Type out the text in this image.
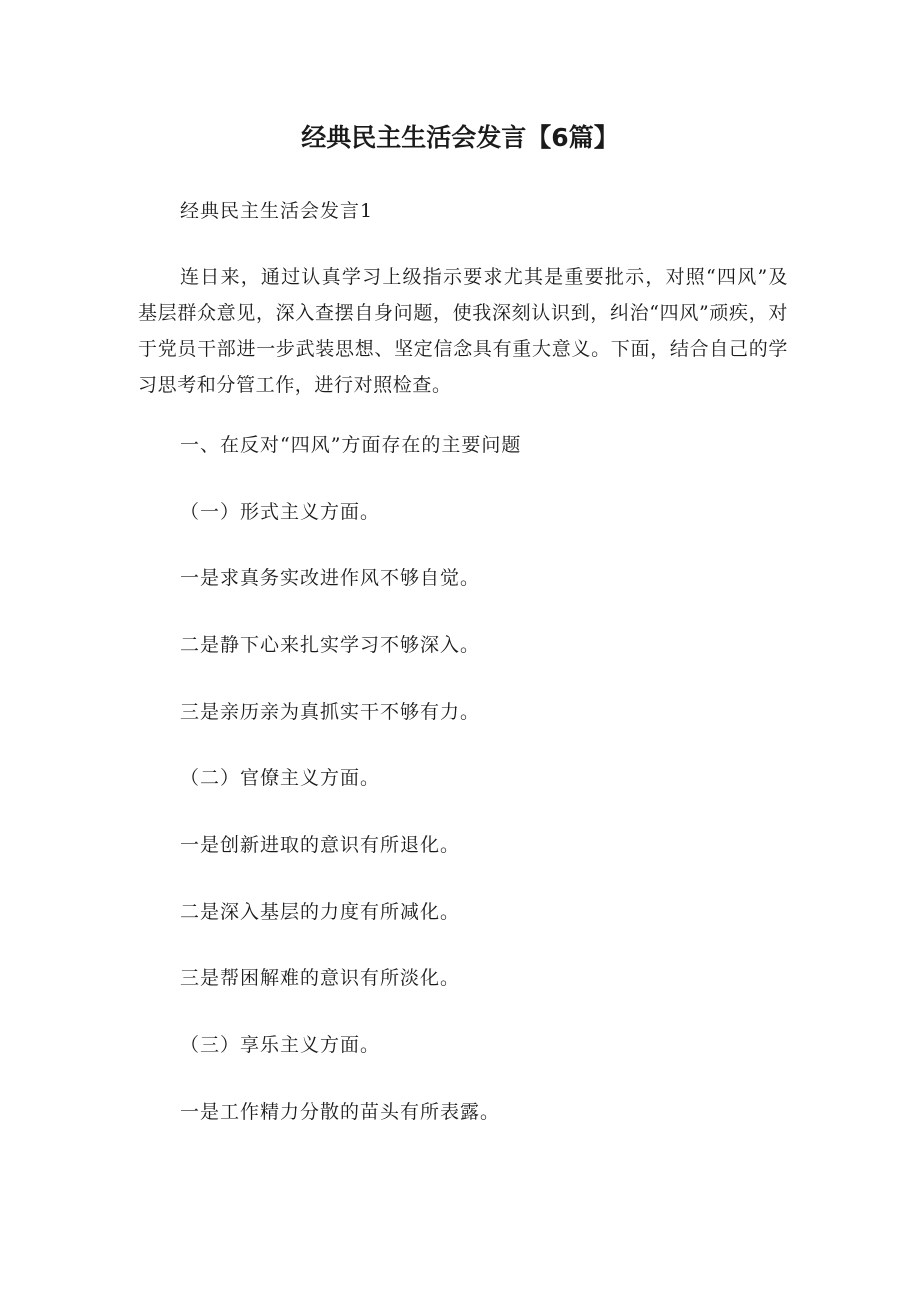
经典民主生活会发言【6篇】

经典民主生活会发言1

连日来，通过认真学习上级指示要求尤其是重要批示，对照“四风”及基层群众意见，深入查摆自身问题，使我深刻认识到，纠治“四风”顽疾，对于党员干部进一步武装思想、坚定信念具有重大意义。下面，结合自己的学习思考和分管工作，进行对照检查。

一、在反对“四风”方面存在的主要问题

（一）形式主义方面。

一是求真务实改进作风不够自觉。

二是静下心来扎实学习不够深入。

三是亲历亲为真抓实干不够有力。

（二）官僚主义方面。

一是创新进取的意识有所退化。

二是深入基层的力度有所减化。

三是帮困解难的意识有所淡化。

（三）享乐主义方面。

一是工作精力分散的苗头有所表露。
